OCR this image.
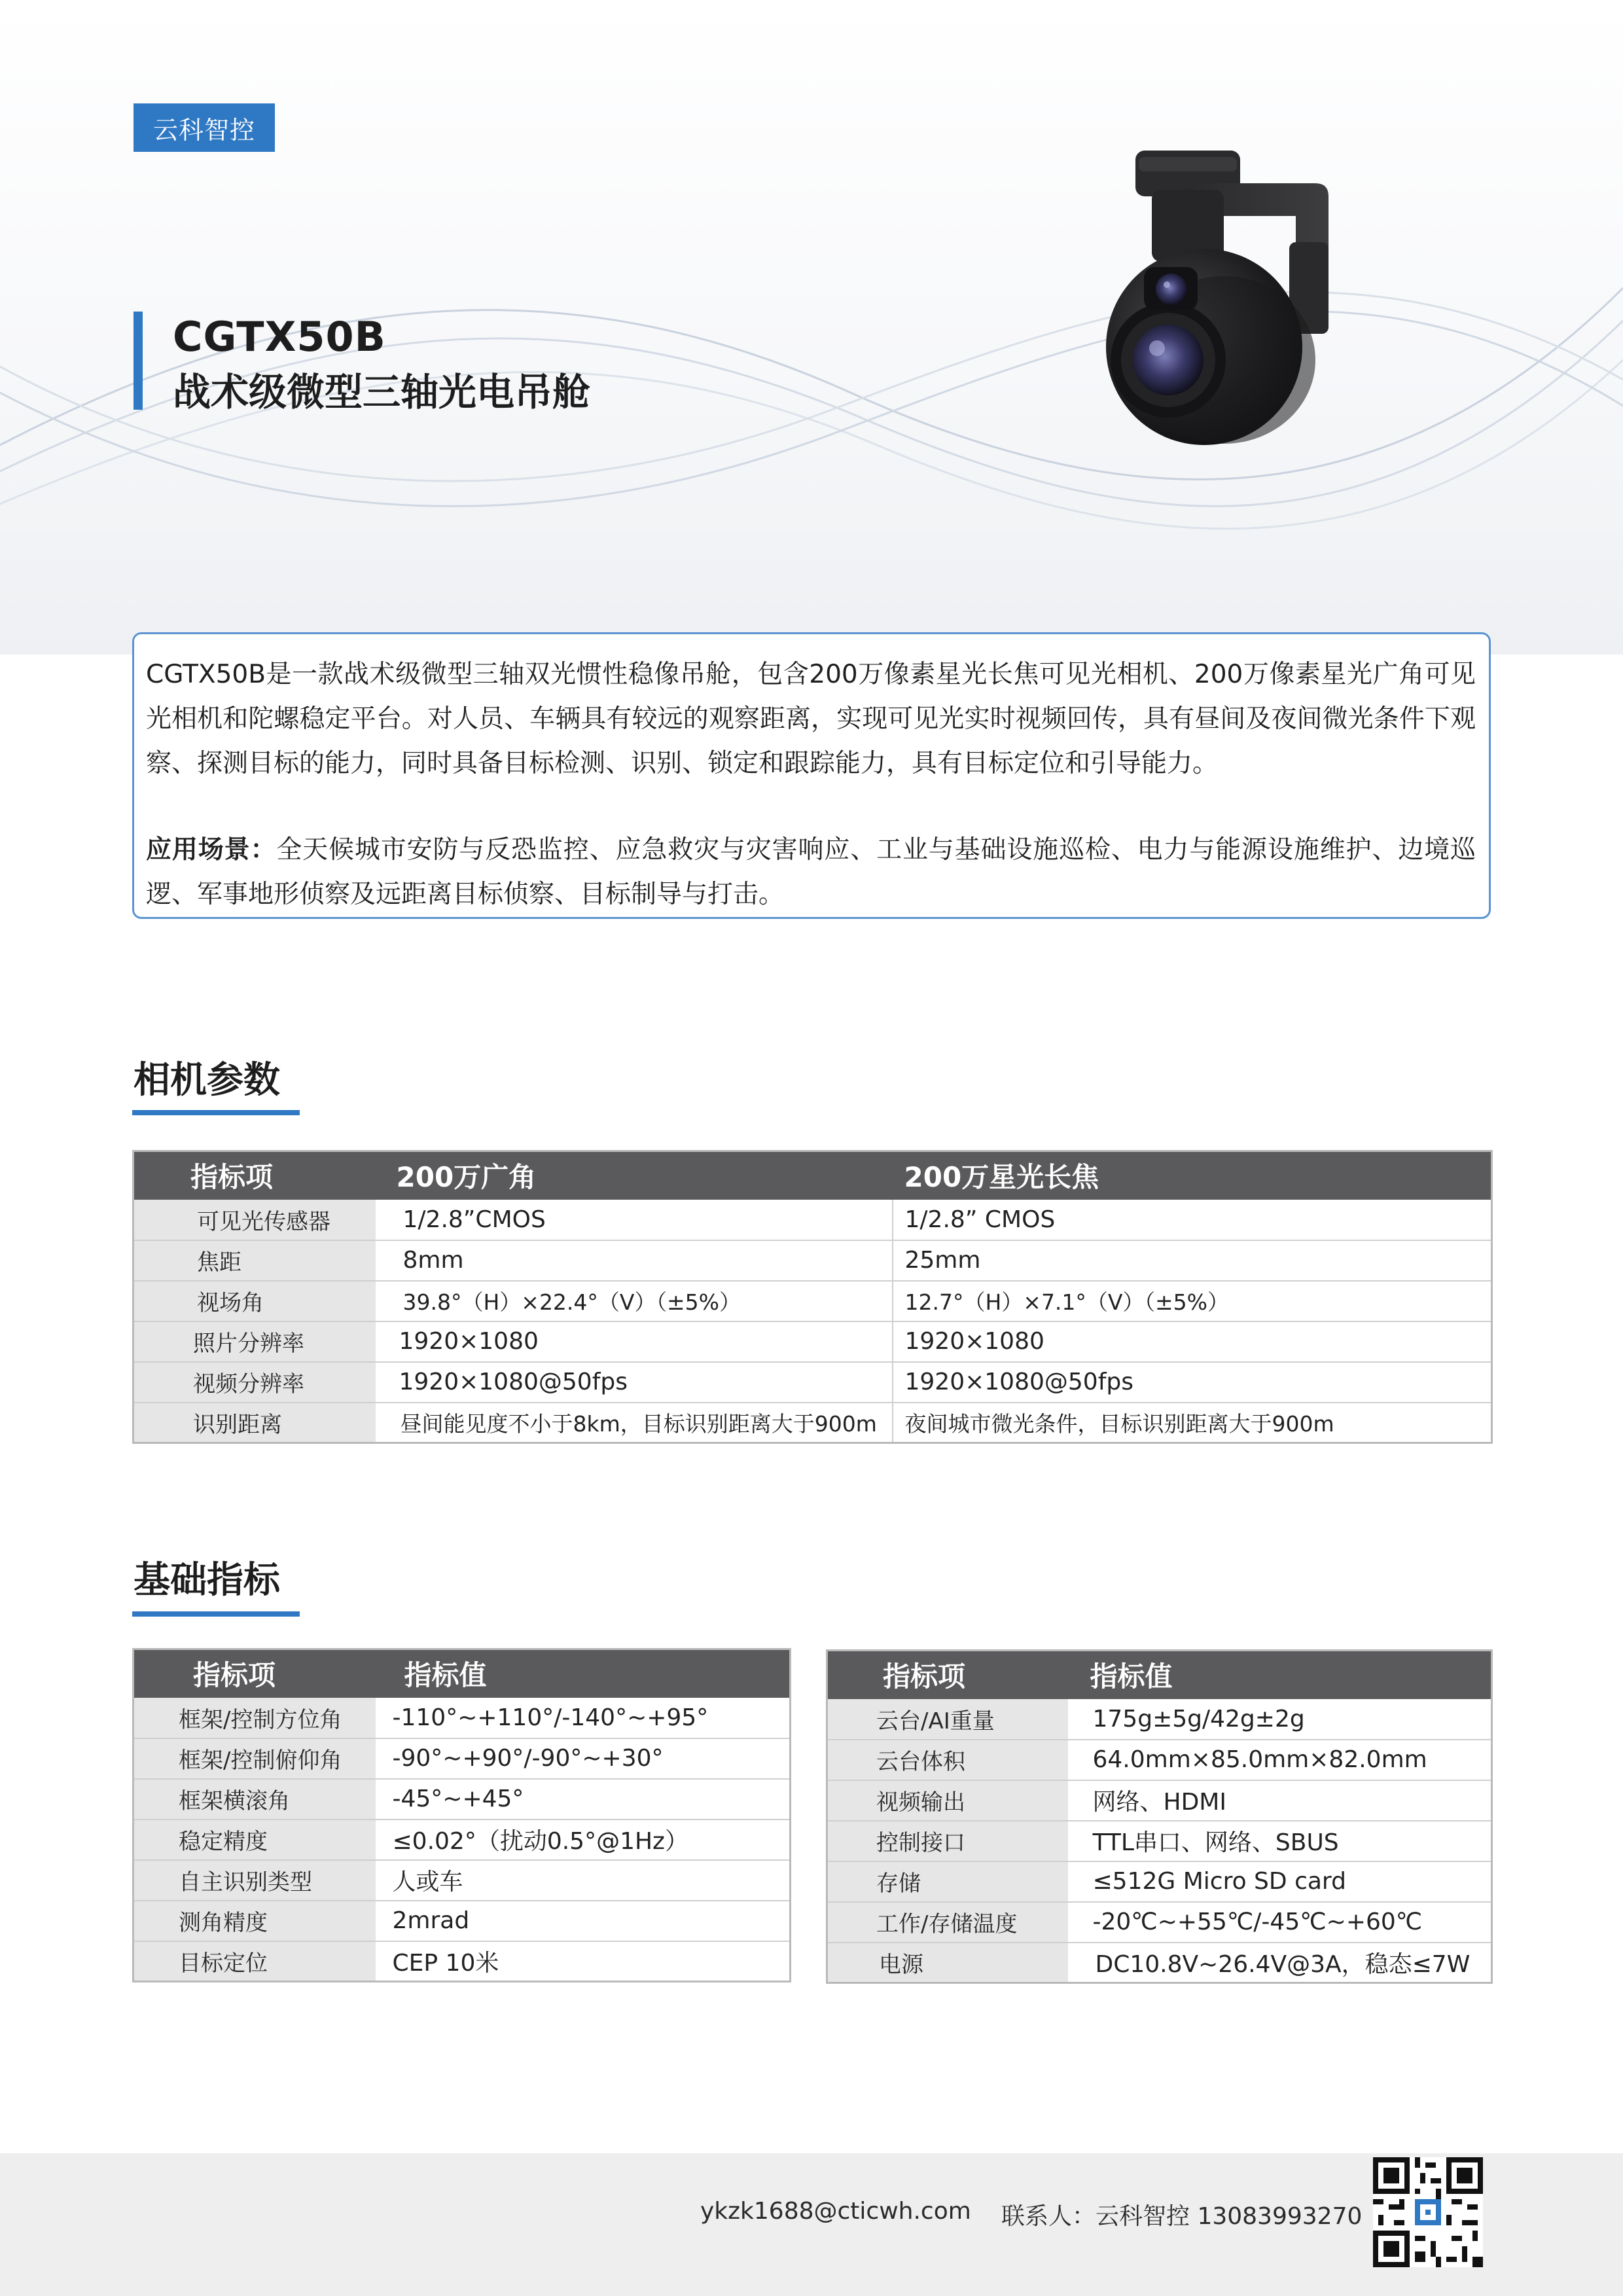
云科智控
CGTX50B
战术级微型三轴光电吊舱

CGTX50B是一款战术级微型三轴双光惯性稳像吊舱，包含200万像素星光长焦可见光相机、200万像素星光广角可见光相机和陀螺稳定平台。对人员、车辆具有较远的观察距离，实现可见光实时视频回传，具有昼间及夜间微光条件下观察、探测目标的能力，同时具备目标检测、识别、锁定和跟踪能力，具有目标定位和引导能力。

应用场景：全天候城市安防与反恐监控、应急救灾与灾害响应、工业与基础设施巡检、电力与能源设施维护、边境巡逻、军事地形侦察及远距离目标侦察、目标制导与打击。

相机参数
指标项	200万广角	200万星光长焦
可见光传感器	1/2.8”CMOS	1/2.8” CMOS
焦距	8mm	25mm
视场角	39.8°（H）×22.4°（V）（±5%）	12.7°（H）×7.1°（V）（±5%）
照片分辨率	1920×1080	1920×1080
视频分辨率	1920×1080@50fps	1920×1080@50fps
识别距离	昼间能见度不小于8km，目标识别距离大于900m	夜间城市微光条件，目标识别距离大于900m
基础指标
指标项	指标值
框架/控制方位角	-110°~+110°/-140°~+95°
框架/控制俯仰角	-90°~+90°/-90°~+30°
框架横滚角	-45°~+45°
稳定精度	≤0.02°（扰动0.5°@1Hz）
自主识别类型	人或车
测角精度	2mrad
目标定位	CEP 10米
指标项	指标值
云台/AI重量	175g±5g/42g±2g
云台体积	64.0mm×85.0mm×82.0mm
视频输出	网络、HDMI
控制接口	TTL串口、网络、SBUS
存储	≤512G Micro SD card
工作/存储温度	-20℃~+55℃/-45℃~+60℃
电源	DC10.8V~26.4V@3A，稳态≤7W
ykzk1688@cticwh.com 联系人：云科智控 13083993270
